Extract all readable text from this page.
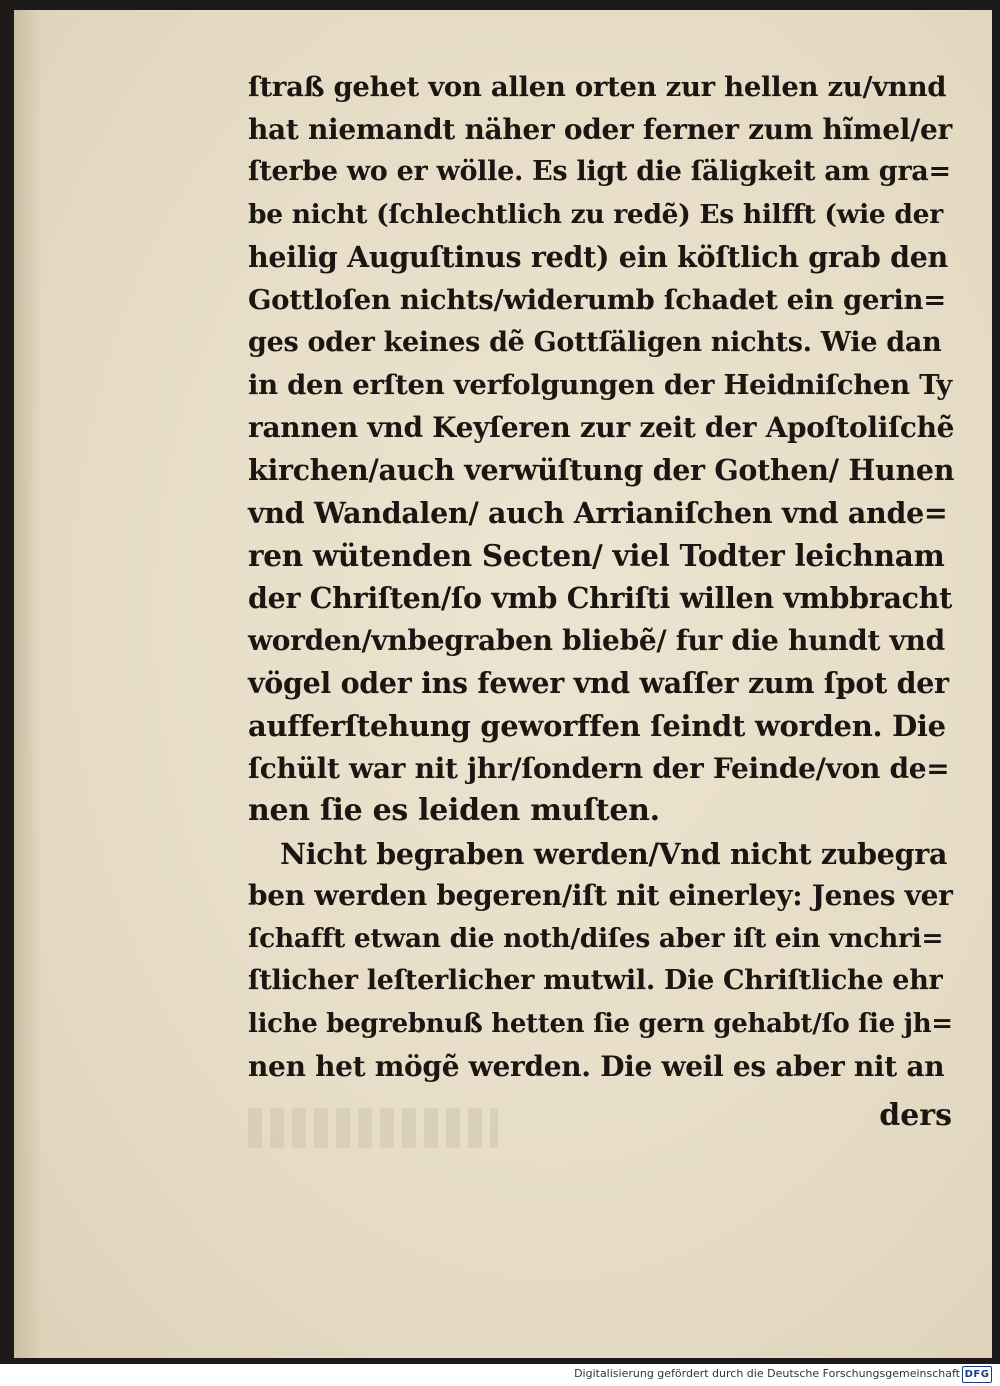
ſtraß gehet von allen orten zur hellen zu/vnnd
hat niemandt näher oder ferner zum hĩmel/er
ſterbe wo er wölle. Es ligt die ſäligkeit am gra=
be nicht (ſchlechtlich zu redẽ) Es hilfft (wie der
heilig Auguſtinus redt) ein köſtlich grab den
Gottloſen nichts/widerumb ſchadet ein gerin=
ges oder keines dẽ Gottſäligen nichts. Wie dan
in den erſten verfolgungen der Heidniſchen Ty
rannen vnd Keyſeren zur zeit der Apoſtoliſchẽ
kirchen/auch verwüſtung der Gothen/ Hunen
vnd Wandalen/ auch Arrianiſchen vnd ande=
ren wütenden Secten/ viel Todter leichnam
der Chriſten/ſo vmb Chriſti willen vmbbracht
worden/vnbegraben bliebẽ/ fur die hundt vnd
vögel oder ins fewer vnd waſſer zum ſpot der
aufferſtehung geworffen ſeindt worden. Die
ſchült war nit jhr/ſondern der Feinde/von de=
nen ſie es leiden muſten.
Nicht begraben werden/Vnd nicht zubegra
ben werden begeren/iſt nit einerley: Jenes ver
ſchafft etwan die noth/diſes aber iſt ein vnchri=
ſtlicher leſterlicher mutwil. Die Chriſtliche ehr
liche begrebnuß hetten ſie gern gehabt/ſo ſie jh=
nen het mögẽ werden. Die weil es aber nit an
ders
Digitalisierung gefördert durch die Deutsche Forschungsgemeinschaft DFG
